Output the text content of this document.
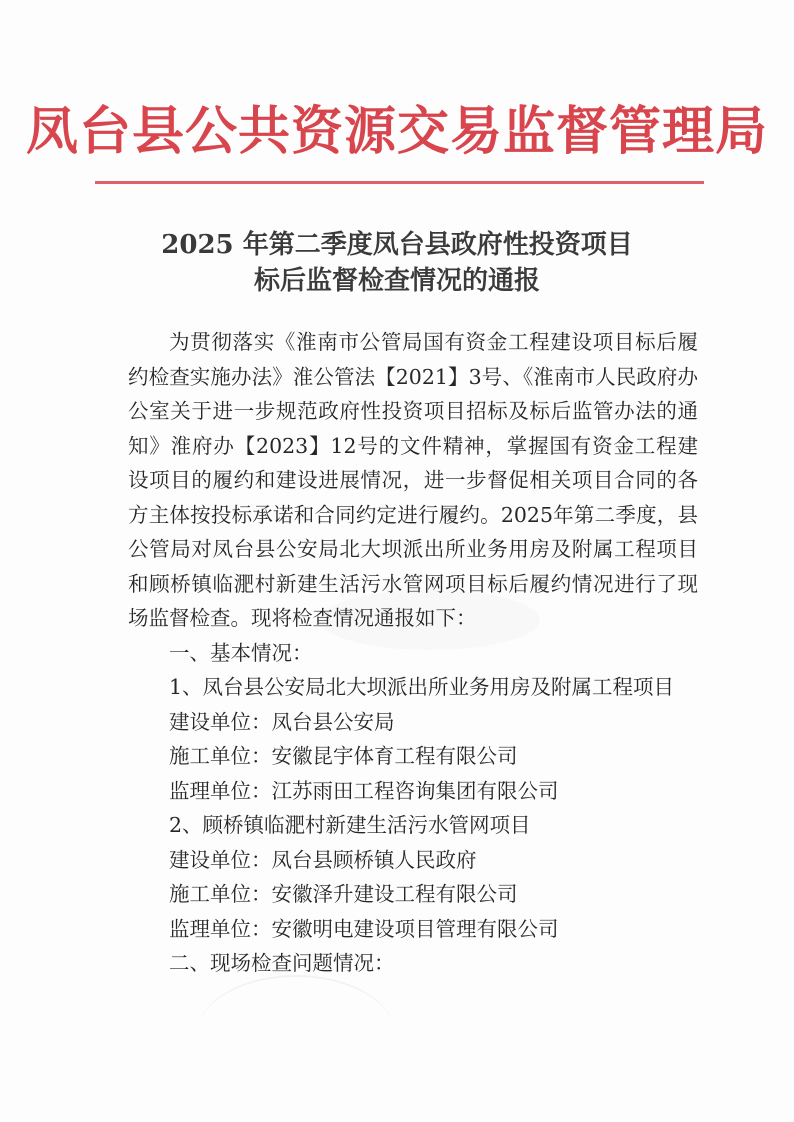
凤台县公共资源交易监督管理局
2025 年第二季度凤台县政府性投资项目
标后监督检查情况的通报

为贯彻落实《淮南市公管局国有资金工程建设项目标后履约检查实施办法》淮公管法【2021】3号、《淮南市人民政府办公室关于进一步规范政府性投资项目招标及标后监管办法的通知》淮府办【2023】12号的文件精神，掌握国有资金工程建设项目的履约和建设进展情况，进一步督促相关项目合同的各方主体按投标承诺和合同约定进行履约。2025年第二季度，县公管局对凤台县公安局北大坝派出所业务用房及附属工程项目和顾桥镇临淝村新建生活污水管网项目标后履约情况进行了现场监督检查。现将检查情况通报如下：

一、基本情况：

1、凤台县公安局北大坝派出所业务用房及附属工程项目

建设单位：凤台县公安局

施工单位：安徽昆宇体育工程有限公司

监理单位：江苏雨田工程咨询集团有限公司

2、顾桥镇临淝村新建生活污水管网项目

建设单位：凤台县顾桥镇人民政府

施工单位：安徽泽升建设工程有限公司

监理单位：安徽明电建设项目管理有限公司

二、现场检查问题情况：
